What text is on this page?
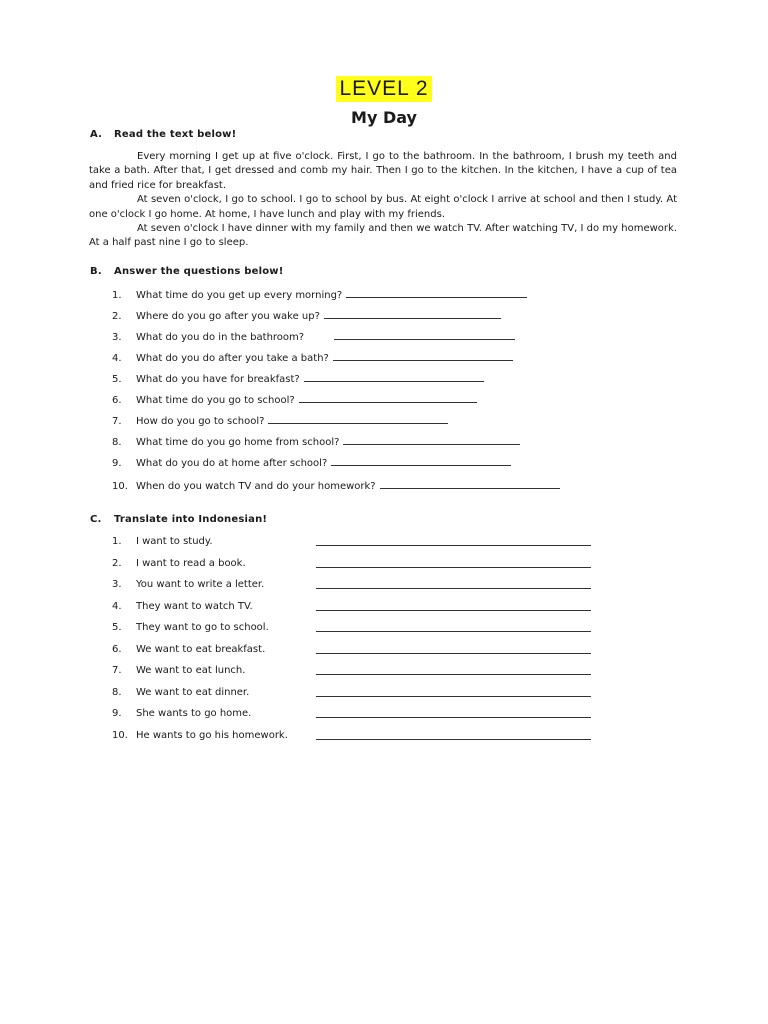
LEVEL 2
My Day
A. Read the text below!

Every morning I get up at five o'clock. First, I go to the bathroom. In the bathroom, I brush my teeth and take a bath. After that, I get dressed and comb my hair. Then I go to the kitchen. In the kitchen, I have a cup of tea and fried rice for breakfast.

At seven o'clock, I go to school. I go to school by bus. At eight o'clock I arrive at school and then I study. At one o'clock I go home. At home, I have lunch and play with my friends.

At seven o'clock I have dinner with my family and then we watch TV. After watching TV, I do my homework. At a half past nine I go to sleep.

B. Answer the questions below!
1. What time do you get up every morning?
2. Where do you go after you wake up?
3. What do you do in the bathroom?
4. What do you do after you take a bath?
5. What do you have for breakfast?
6. What time do you go to school?
7. How do you go to school?
8. What time do you go home from school?
9. What do you do at home after school?
10. When do you watch TV and do your homework?
C. Translate into Indonesian!
1. I want to study.
2. I want to read a book.
3. You want to write a letter.
4. They want to watch TV.
5. They want to go to school.
6. We want to eat breakfast.
7. We want to eat lunch.
8. We want to eat dinner.
9. She wants to go home.
10. He wants to go his homework.
